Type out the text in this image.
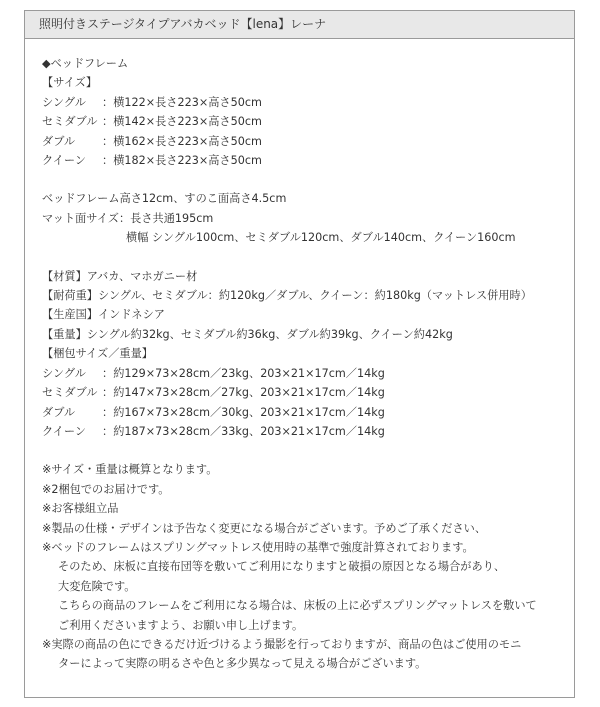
照明付きステージタイプアバカベッド【lena】レーナ
◆ベッドフレーム
【サイズ】
シングル	：横122×長さ223×高さ50cm
セミダブル ：横142×長さ223×高さ50cm
ダブル	：横162×長さ223×高さ50cm
クイーン	：横182×長さ223×高さ50cm
ベッドフレーム高さ12cm、すのこ面高さ4.5cm
マット面サイズ：長さ共通195cm
横幅 シングル100cm、セミダブル120cm、ダブル140cm、クイーン160cm
【材質】アバカ、マホガニー材
【耐荷重】シングル、セミダブル：約120kg／ダブル、クイーン：約180kg（マットレス併用時）
【生産国】インドネシア
【重量】シングル約32kg、セミダブル約36kg、ダブル約39kg、クイーン約42kg
【梱包サイズ／重量】
シングル	：約129×73×28cm／23kg、203×21×17cm／14kg
セミダブル ：約147×73×28cm／27kg、203×21×17cm／14kg
ダブル	：約167×73×28cm／30kg、203×21×17cm／14kg
クイーン	：約187×73×28cm／33kg、203×21×17cm／14kg
※サイズ・重量は概算となります。
※2梱包でのお届けです。
※お客様組立品
※製品の仕様・デザインは予告なく変更になる場合がございます。予めご了承ください、
※ベッドのフレームはスプリングマットレス使用時の基準で強度計算されております。
そのため、床板に直接布団等を敷いてご利用になりますと破損の原因となる場合があり、
大変危険です。
こちらの商品のフレームをご利用になる場合は、床板の上に必ずスプリングマットレスを敷いて
ご利用くださいますよう、お願い申し上げます。
※実際の商品の色にできるだけ近づけるよう撮影を行っておりますが、商品の色はご使用のモニ
ターによって実際の明るさや色と多少異なって見える場合がございます。
